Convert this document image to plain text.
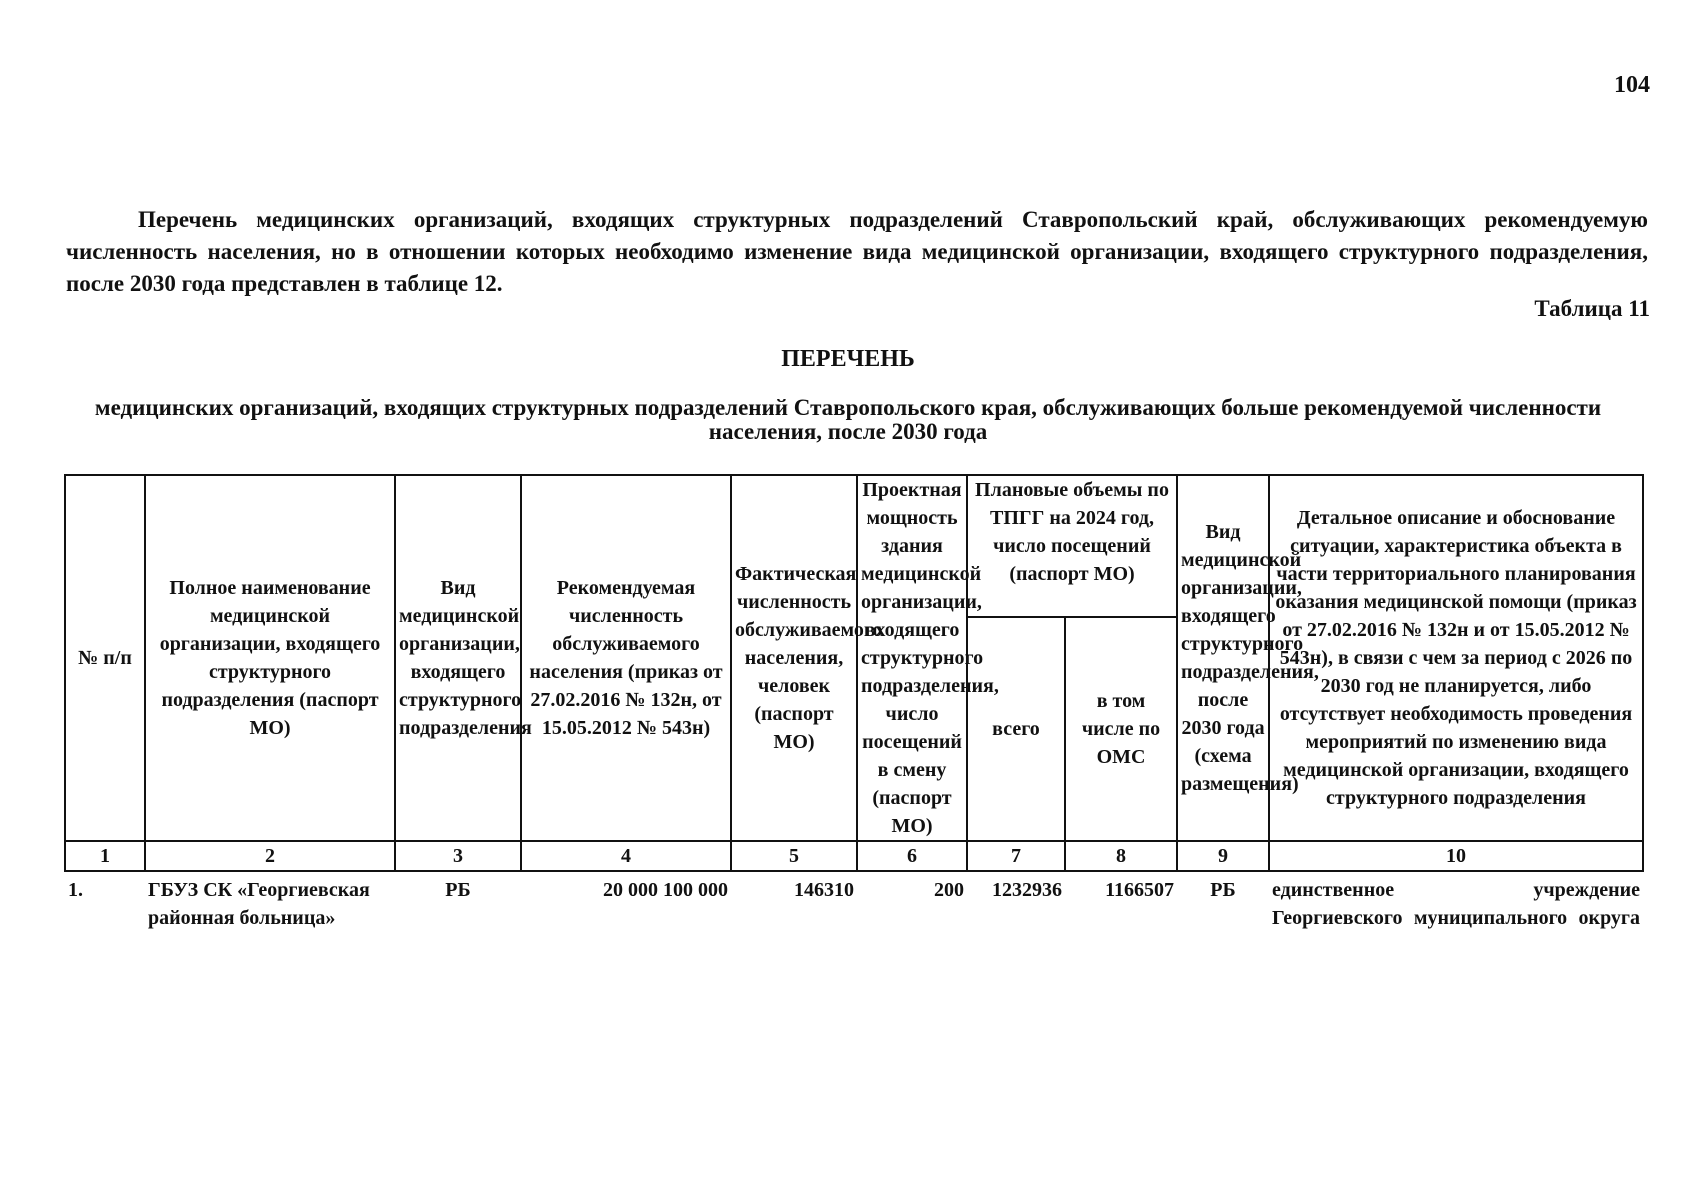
104

Перечень медицинских организаций, входящих структурных подразделений Ставропольский край, обслуживающих рекомендуемую численность населения, но в отношении которых необходимо изменение вида медицинской организации, входящего структурного подразделения, после 2030 года представлен в таблице 12.

Таблица 11
ПЕРЕЧЕНЬ

медицинских организаций, входящих структурных подразделений Ставропольского края, обслуживающих больше рекомендуемой численности населения, после 2030 года

№ п/п	Полное наименование медицинской организации, входящего структурного подразделения (паспорт МО)	Вид медицинской организации, входящего структурного подразделения	Рекомендуемая численность обслуживаемого населения (приказ от 27.02.2016 № 132н, от 15.05.2012 № 543н)	Фактическая численность обслуживаемого населения, человек (паспорт МО)	Проектная мощность здания медицинской организации, входящего структурного подразделения, число посещений в смену (паспорт МО)	Плановые объемы по ТПГГ на 2024 год, число посещений (паспорт МО)		Вид медицинской организации, входящего структурного подразделения, после 2030 года (схема размещения)	Детальное описание и обоснование ситуации, характеристика объекта в части территориального планирования оказания медицинской помощи (приказ от 27.02.2016 № 132н и от 15.05.2012 № 543н), в связи с чем за период с 2026 по 2030 год не планируется, либо отсутствует необходимость проведения мероприятий по изменению вида медицинской организации, входящего структурного подразделения
						всего	в том числе по ОМС		
1	2	3	4	5	6	7	8	9	10
1.	ГБУЗ СК «Георгиевская районная больница»	РБ	20 000 100 000	146310	200	1232936	1166507	РБ	единственное учреждение Георгиевского муниципального округа
